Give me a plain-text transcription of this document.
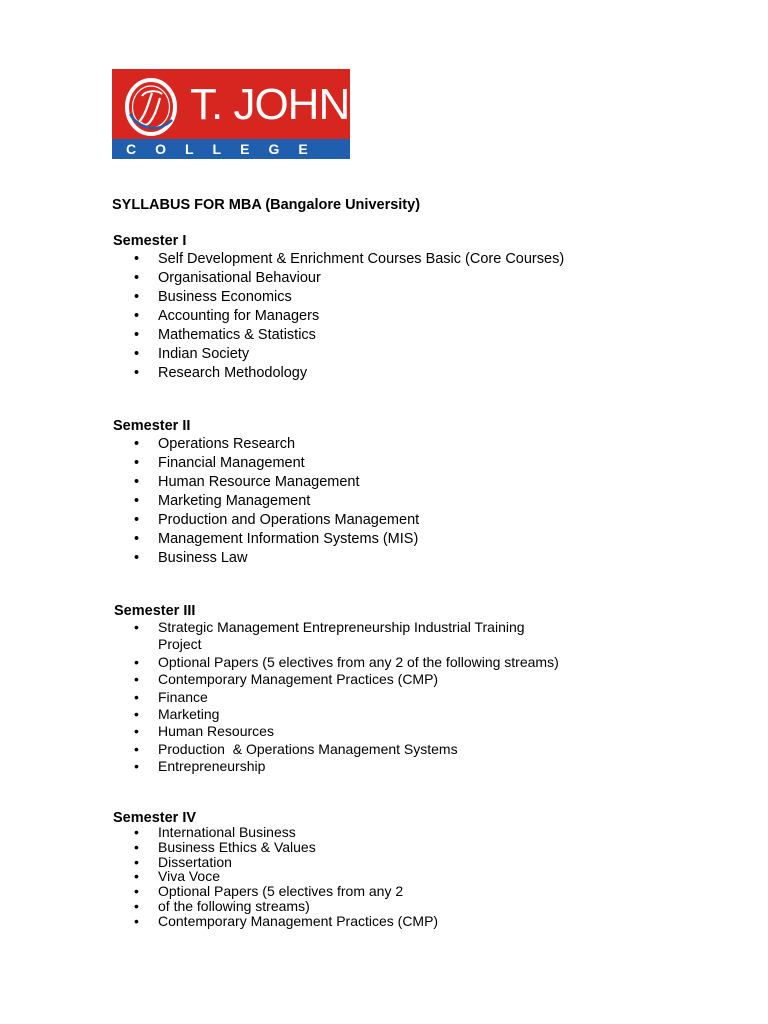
T. JOHN
COLLEGE
SYLLABUS FOR MBA (Bangalore University)
Semester I
• Self Development & Enrichment Courses Basic (Core Courses)
• Organisational Behaviour
• Business Economics
• Accounting for Managers
• Mathematics & Statistics
• Indian Society
• Research Methodology
Semester II
• Operations Research
• Financial Management
• Human Resource Management
• Marketing Management
• Production and Operations Management
• Management Information Systems (MIS)
• Business Law
Semester III
• Strategic Management Entrepreneurship Industrial Training
Project
• Optional Papers (5 electives from any 2 of the following streams)
• Contemporary Management Practices (CMP)
• Finance
• Marketing
• Human Resources
• Production  & Operations Management Systems
• Entrepreneurship
Semester IV
• International Business
• Business Ethics & Values
• Dissertation
• Viva Voce
• Optional Papers (5 electives from any 2
• of the following streams)
• Contemporary Management Practices (CMP)
